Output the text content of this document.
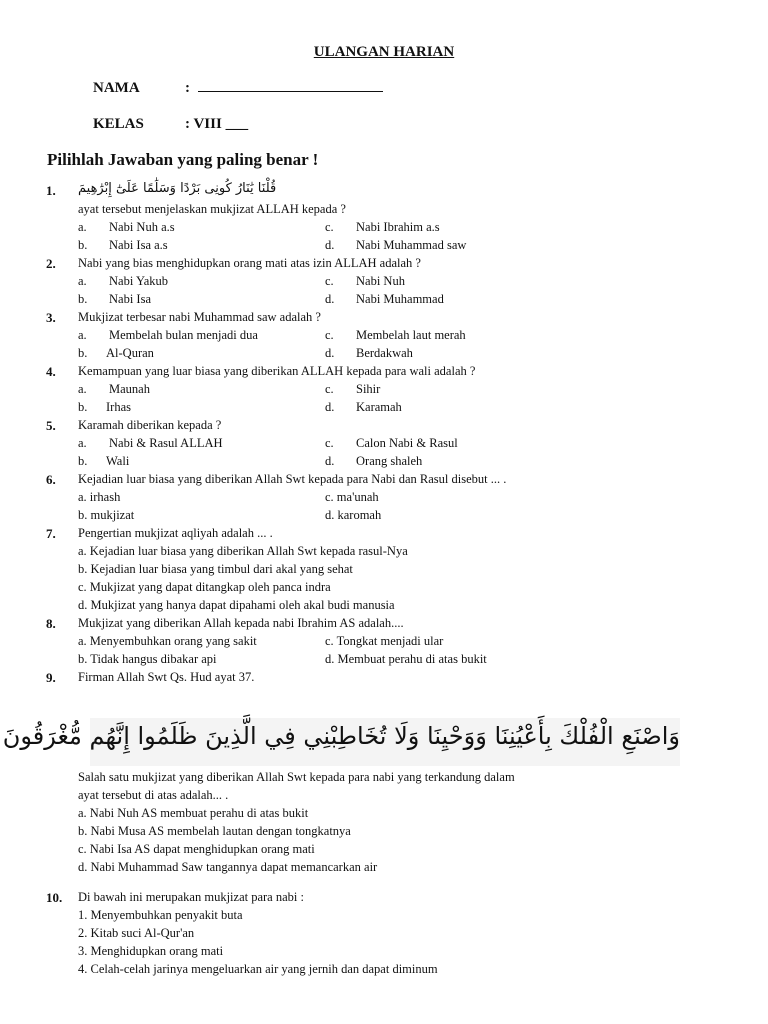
ULANGAN HARIAN
NAMA	:
KELAS	: VIII ___
Pilihlah Jawaban yang paling benar !
1. قُلْنَا يَٰنَارُ كُونِى بَرْدًا وَسَلَٰمًا عَلَىٰٓ إِبْرَٰهِيمَ
ayat tersebut menjelaskan mukjizat ALLAH kepada ?
a. Nabi Nuh a.s	c. Nabi Ibrahim a.s
b. Nabi Isa a.s	d. Nabi Muhammad saw
2. Nabi yang bias menghidupkan orang mati atas izin ALLAH adalah ?
a. Nabi Yakub	c. Nabi Nuh
b. Nabi Isa	d. Nabi Muhammad
3. Mukjizat terbesar nabi Muhammad saw adalah ?
a. Membelah bulan menjadi dua	c. Membelah laut merah
b. Al-Quran	d. Berdakwah
4. Kemampuan yang luar biasa yang diberikan ALLAH kepada para wali adalah ?
a. Maunah	c. Sihir
b. Irhas	d. Karamah
5. Karamah diberikan kepada ?
a. Nabi & Rasul ALLAH	c. Calon Nabi & Rasul
b. Wali	d. Orang shaleh
6. Kejadian luar biasa yang diberikan Allah Swt kepada para Nabi dan Rasul disebut ... .
a. irhash	c. ma'unah
b. mukjizat	d. karomah
7. Pengertian mukjizat aqliyah adalah ... .
a. Kejadian luar biasa yang diberikan Allah Swt kepada rasul-Nya
b. Kejadian luar biasa yang timbul dari akal yang sehat
c. Mukjizat yang dapat ditangkap oleh panca indra
d. Mukjizat yang hanya dapat dipahami oleh akal budi manusia
8. Mukjizat yang diberikan Allah kepada nabi Ibrahim AS adalah....
a. Menyembuhkan orang yang sakit	c. Tongkat menjadi ular
b. Tidak hangus dibakar api	d. Membuat perahu di atas bukit
9. Firman Allah Swt Qs. Hud ayat 37.
وَاصْنَعِ الْفُلْكَ بِأَعْيُنِنَا وَوَحْيِنَا وَلَا تُخَاطِبْنِي فِي الَّذِينَ ظَلَمُوا إِنَّهُم مُّغْرَقُونَ
Salah satu mukjizat yang diberikan Allah Swt kepada para nabi yang terkandung dalam
ayat tersebut di atas adalah... .
a. Nabi Nuh AS membuat perahu di atas bukit
b. Nabi Musa AS membelah lautan dengan tongkatnya
c. Nabi Isa AS dapat menghidupkan orang mati
d. Nabi Muhammad Saw tangannya dapat memancarkan air
10. Di bawah ini merupakan mukjizat para nabi :
1. Menyembuhkan penyakit buta
2. Kitab suci Al-Qur'an
3. Menghidupkan orang mati
4. Celah-celah jarinya mengeluarkan air yang jernih dan dapat diminum
